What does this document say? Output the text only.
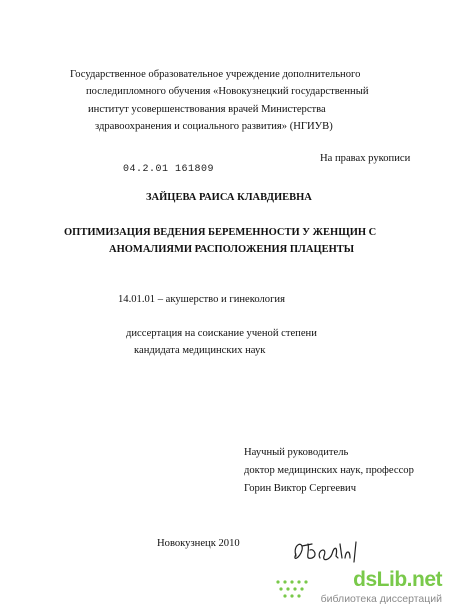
Государственное образовательное учреждение дополнительного
последипломного обучения «Новокузнецкий государственный
институт усовершенствования врачей Министерства
здравоохранения и социального развития» (НГИУВ)
04.2.01 161809
На правах рукописи
ЗАЙЦЕВА РАИСА КЛАВДИЕВНА
ОПТИМИЗАЦИЯ ВЕДЕНИЯ БЕРЕМЕННОСТИ У ЖЕНЩИН С
АНОМАЛИЯМИ РАСПОЛОЖЕНИЯ ПЛАЦЕНТЫ
14.01.01 – акушерство и гинекология
диссертация на соискание ученой степени
кандидата медицинских наук
Научный руководитель
доктор медицинских наук, профессор
Горин Виктор Сергеевич
Новокузнецк 2010
dsLib.net
библиотека диссертаций
